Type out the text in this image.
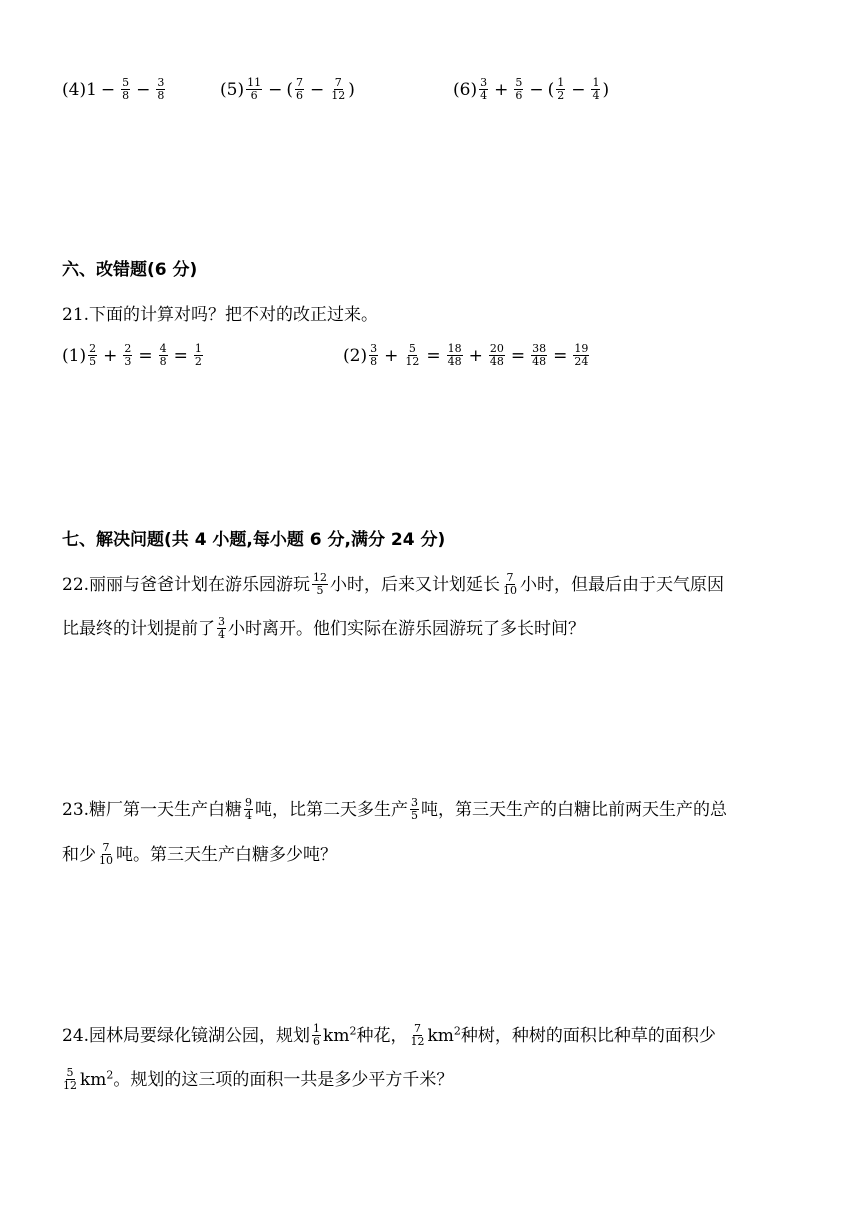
$(4)1 - \frac{5}{8} - \frac{3}{8}$	$(5) \frac{11}{6}$ − ( $\frac{7}{6} - \frac{7}{12}$ )	$(6) \frac{3}{4} + \frac{5}{6}$ − ( $\frac{1}{2} - \frac{1}{4}$ )
六、改错题(6 分)
21.下面的计算对吗？把不对的改正过来。
$(1) \frac{2}{5} + \frac{2}{3} = \frac{4}{8} = \frac{1}{2}$	$(2) \frac{3}{8} + \frac{5}{12} = \frac{18}{48} + \frac{20}{48} = \frac{38}{48} = \frac{19}{24}$
七、解决问题(共 4 小题,每小题 6 分,满分 24 分)
22.丽丽与爸爸计划在游乐园游玩 $\frac{12}{5}$ 小时，后来又计划延长 $\frac{7}{10}$ 小时，但最后由于天气原因
比最终的计划提前了 $\frac{3}{4}$ 小时离开。他们实际在游乐园游玩了多长时间？
23.糖厂第一天生产白糖 $\frac{9}{4}$ 吨，比第二天多生产 $\frac{3}{5}$ 吨，第三天生产的白糖比前两天生产的总
和少 $\frac{7}{10}$ 吨。第三天生产白糖多少吨？
24.园林局要绿化镜湖公园，规划 $\frac{1}{6} km^2$种花， $\frac{7}{12} km^2$种树，种树的面积比种草的面积少
$\frac{5}{12} km^2$。规划的这三项的面积一共是多少平方千米？
